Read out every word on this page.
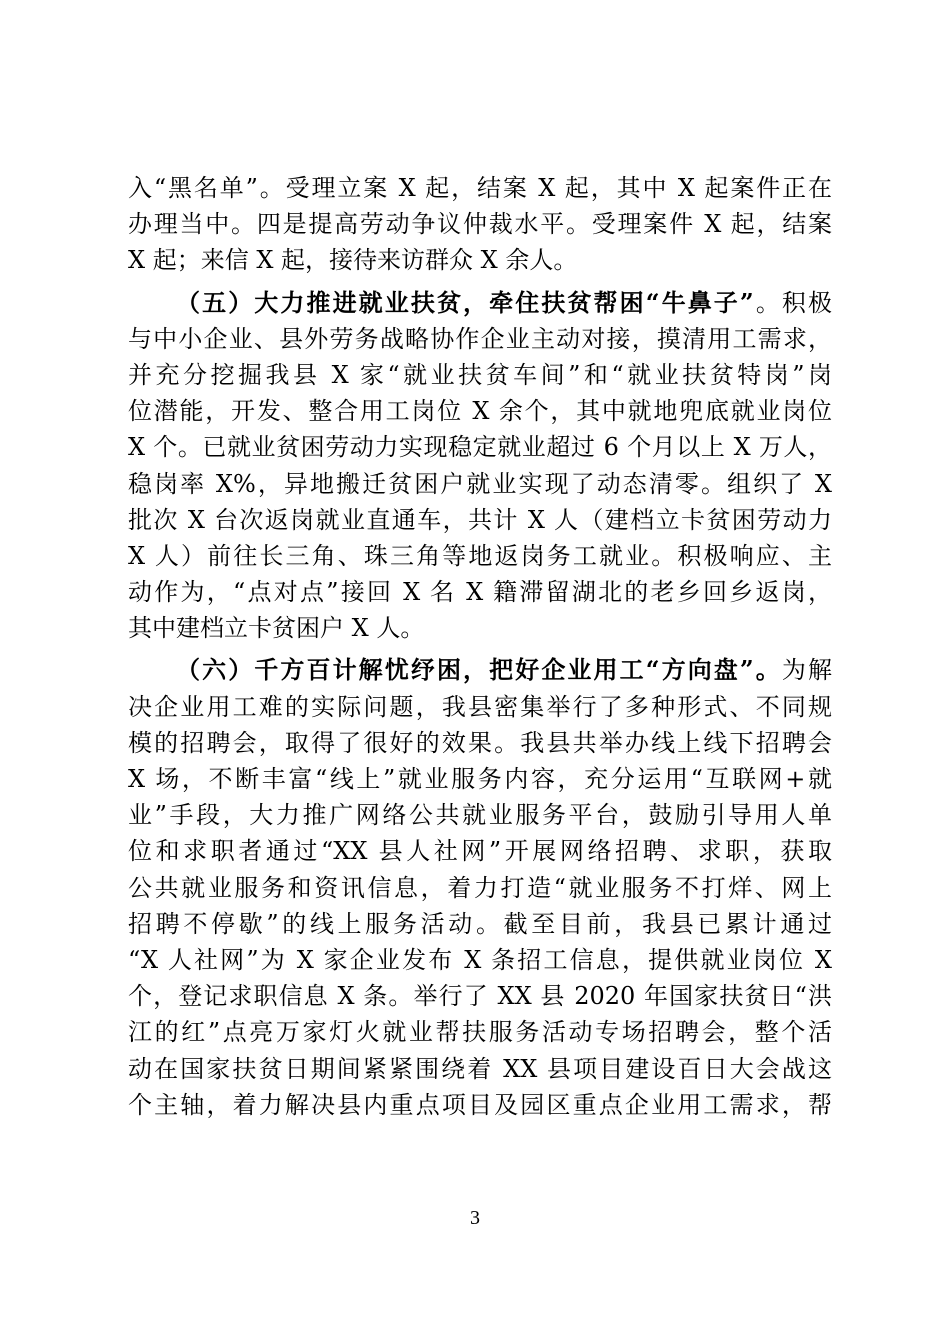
入“黑名单”。受理立案 X 起，结案 X 起，其中 X 起案件正在
办理当中。四是提高劳动争议仲裁水平。受理案件 X 起，结案
X 起；来信 X 起，接待来访群众 X 余人。
（五）大力推进就业扶贫，牵住扶贫帮困“牛鼻子”。积极
与中小企业、县外劳务战略协作企业主动对接，摸清用工需求，
并充分挖掘我县 X 家“就业扶贫车间”和“就业扶贫特岗”岗
位潜能，开发、整合用工岗位 X 余个，其中就地兜底就业岗位
X 个。已就业贫困劳动力实现稳定就业超过 6 个月以上 X 万人，
稳岗率 X%，异地搬迁贫困户就业实现了动态清零。组织了 X
批次 X 台次返岗就业直通车，共计 X 人（建档立卡贫困劳动力
X 人）前往长三角、珠三角等地返岗务工就业。积极响应、主
动作为，“点对点”接回 X 名 X 籍滞留湖北的老乡回乡返岗，
其中建档立卡贫困户 X 人。
（六）千方百计解忧纾困，把好企业用工“方向盘”。为解
决企业用工难的实际问题，我县密集举行了多种形式、不同规
模的招聘会，取得了很好的效果。我县共举办线上线下招聘会
X 场，不断丰富“线上”就业服务内容，充分运用“互联网+就
业”手段，大力推广网络公共就业服务平台，鼓励引导用人单
位和求职者通过“XX 县人社网”开展网络招聘、求职，获取
公共就业服务和资讯信息，着力打造“就业服务不打烊、网上
招聘不停歇”的线上服务活动。截至目前，我县已累计通过
“X 人社网”为 X 家企业发布 X 条招工信息，提供就业岗位 X
个，登记求职信息 X 条。举行了 XX 县 2020 年国家扶贫日“洪
江的红”点亮万家灯火就业帮扶服务活动专场招聘会，整个活
动在国家扶贫日期间紧紧围绕着 XX 县项目建设百日大会战这
个主轴，着力解决县内重点项目及园区重点企业用工需求，帮
3
